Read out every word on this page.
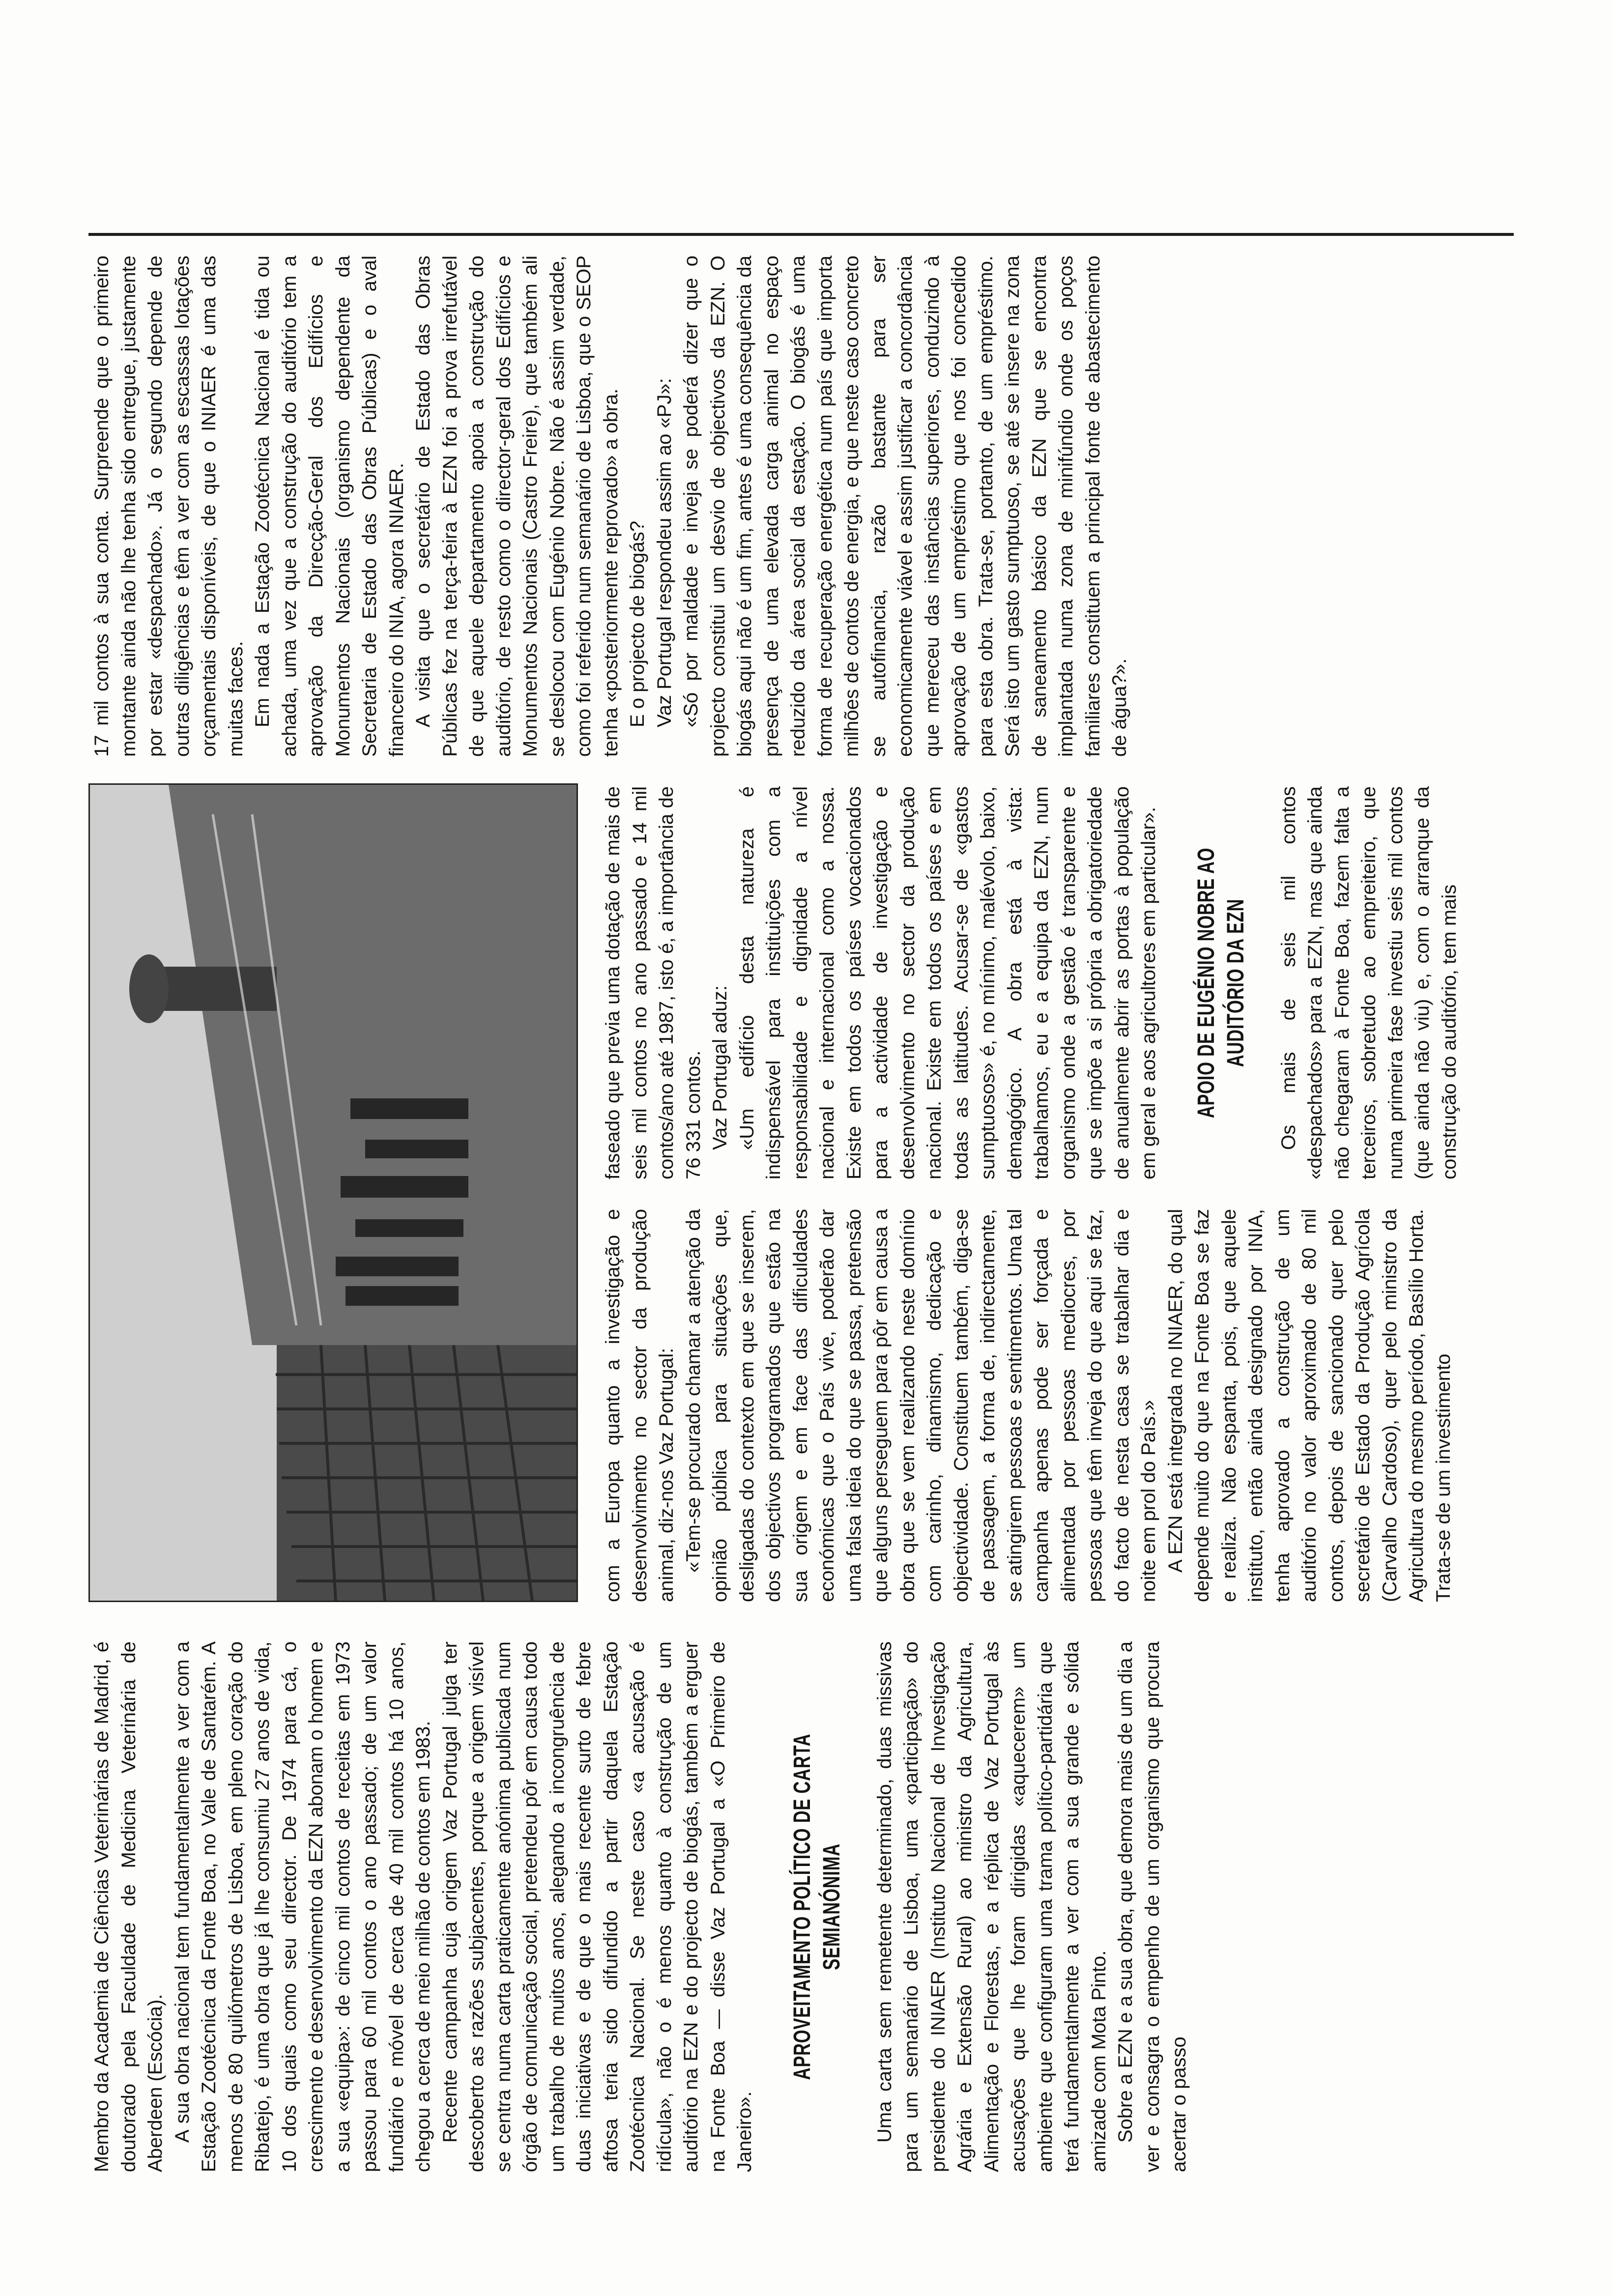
Membro da Academia de Ciências Veterinárias de Madrid, é doutorado pela Faculdade de Medicina Veterinária de Aberdeen (Escócia). A sua obra nacional tem fundamentalmente a ver com a Estação Zootécnica da Fonte Boa, no Vale de Santarém. A menos de 80 quilómetros de Lisboa, em pleno coração do Ribatejo, é uma obra que já lhe consumiu 27 anos de vida, 10 dos quais como seu director. De 1974 para cá, o crescimento e desenvolvimento da EZN abonam o homem e a sua «equipa»: de cinco mil contos de receitas em 1973 passou para 60 mil contos o ano passado; de um valor fundiário e móvel de cerca de 40 mil contos há 10 anos, chegou a cerca de meio milhão de contos em 1983. Recente campanha cuja origem Vaz Portugal julga ter descoberto as razões subjacentes, porque a origem visível se centra numa carta praticamente anónima publicada num órgão de comunicação social, pretendeu pôr em causa todo um trabalho de muitos anos, alegando a incongruência de duas iniciativas e de que o mais recente surto de febre aftosa teria sido difundido a partir daquela Estação Zootécnica Nacional. Se neste caso «a acusação é ridícula», não o é menos quanto à construção de um auditório na EZN e do projecto de biogás, também a erguer na Fonte Boa — disse Vaz Portugal a «O Primeiro de Janeiro».

APROVEITAMENTO POLÍTICO DE CARTA SEMIANÓNIMA Uma carta sem remetente determinado, duas missivas para um semanário de Lisboa, uma «participação» do presidente do INIAER (Instituto Nacional de Investigação Agrária e Extensão Rural) ao ministro da Agricultura, Alimentação e Florestas, e a réplica de Vaz Portugal às acusações que lhe foram dirigidas «aquecerem» um ambiente que configuram uma trama político-partidária que terá fundamentalmente a ver com a sua grande e sólida amizade com Mota Pinto. Sobre a EZN e a sua obra, que demora mais de um dia a ver e consagra o empenho de um organismo que procura acertar o passo

com a Europa quanto a investigação e desenvolvimento no sector da produção animal, diz-nos Vaz Portugal: «Tem-se procurado chamar a atenção da opinião pública para situações que, desligadas do contexto em que se inserem, dos objectivos programados que estão na sua origem e em face das dificuldades económicas que o País vive, poderão dar uma falsa ideia do que se passa, pretensão que alguns perseguem para pôr em causa a obra que se vem realizando neste domínio com carinho, dinamismo, dedicação e objectividade. Constituem também, diga-se de passagem, a forma de, indirectamente, se atingirem pessoas e sentimentos. Uma tal campanha apenas pode ser forçada e alimentada por pessoas mediocres, por pessoas que têm inveja do que aqui se faz, do facto de nesta casa se trabalhar dia e noite em prol do País.» A EZN está integrada no INIAER, do qual depende muito do que na Fonte Boa se faz e realiza. Não espanta, pois, que aquele instituto, então ainda designado por INIA, tenha aprovado a construção de um auditório no valor aproximado de 80 mil contos, depois de sancionado quer pelo secretário de Estado da Produção Agrícola (Carvalho Cardoso), quer pelo ministro da Agricultura do mesmo período, Basílio Horta. Trata-se de um investimento

faseado que previa uma dotação de mais de seis mil contos no ano passado e 14 mil contos/ano até 1987, isto é, a importância de 76 331 contos. Vaz Portugal aduz: «Um edifício desta natureza é indispensável para instituições com a responsabilidade e dignidade a nível nacional e internacional como a nossa. Existe em todos os países vocacionados para a actividade de investigação e desenvolvimento no sector da produção nacional. Existe em todos os países e em todas as latitudes. Acusar-se de «gastos sumptuosos» é, no mínimo, malévolo, baixo, demagógico. A obra está à vista: trabalhamos, eu e a equipa da EZN, num organismo onde a gestão é transparente e que se impõe a si própria a obrigatoriedade de anualmente abrir as portas à população em geral e aos agricultores em particular». APOIO DE EUGÉNIO NOBRE AO AUDITÓRIO DA EZN Os mais de seis mil contos «despachados» para a EZN, mas que ainda não chegaram à Fonte Boa, fazem falta a terceiros, sobretudo ao empreiteiro, que numa primeira fase investiu seis mil contos (que ainda não viu) e, com o arranque da construção do auditório, tem mais

17 mil contos à sua conta. Surpreende que o primeiro montante ainda não lhe tenha sido entregue, justamente por estar «despachado». Já o segundo depende de outras diligências e têm a ver com as escassas lotações orçamentais disponíveis, de que o INIAER é uma das muitas faces. Em nada a Estação Zootécnica Nacional é tida ou achada, uma vez que a construção do auditório tem a aprovação da Direcção-Geral dos Edifícios e Monumentos Nacionais (organismo dependente da Secretaria de Estado das Obras Públicas) e o aval financeiro do INIA, agora INIAER. A visita que o secretário de Estado das Obras Públicas fez na terça-feira à EZN foi a prova irrefutável de que aquele departamento apoia a construção do auditório, de resto como o director-geral dos Edifícios e Monumentos Nacionais (Castro Freire), que também ali se deslocou com Eugénio Nobre. Não é assim verdade, como foi referido num semanário de Lisboa, que o SEOP tenha «posteriormente reprovado» a obra. E o projecto de biogás? Vaz Portugal respondeu assim ao «PJ»: «Só por maldade e inveja se poderá dizer que o projecto constitui um desvio de objectivos da EZN. O biogás aqui não é um fim, antes é uma consequência da presença de uma elevada carga animal no espaço reduzido da área social da estação. O biogás é uma forma de recuperação energética num país que importa milhões de contos de energia, e que neste caso concreto se autofinancia, razão bastante para ser economicamente viável e assim justificar a concordância que mereceu das instâncias superiores, conduzindo à aprovação de um empréstimo que nos foi concedido para esta obra. Trata-se, portanto, de um empréstimo. Será isto um gasto sumptuoso, se até se insere na zona de saneamento básico da EZN que se encontra implantada numa zona de minifúndio onde os poços familiares constituem a principal fonte de abastecimento de água?».
